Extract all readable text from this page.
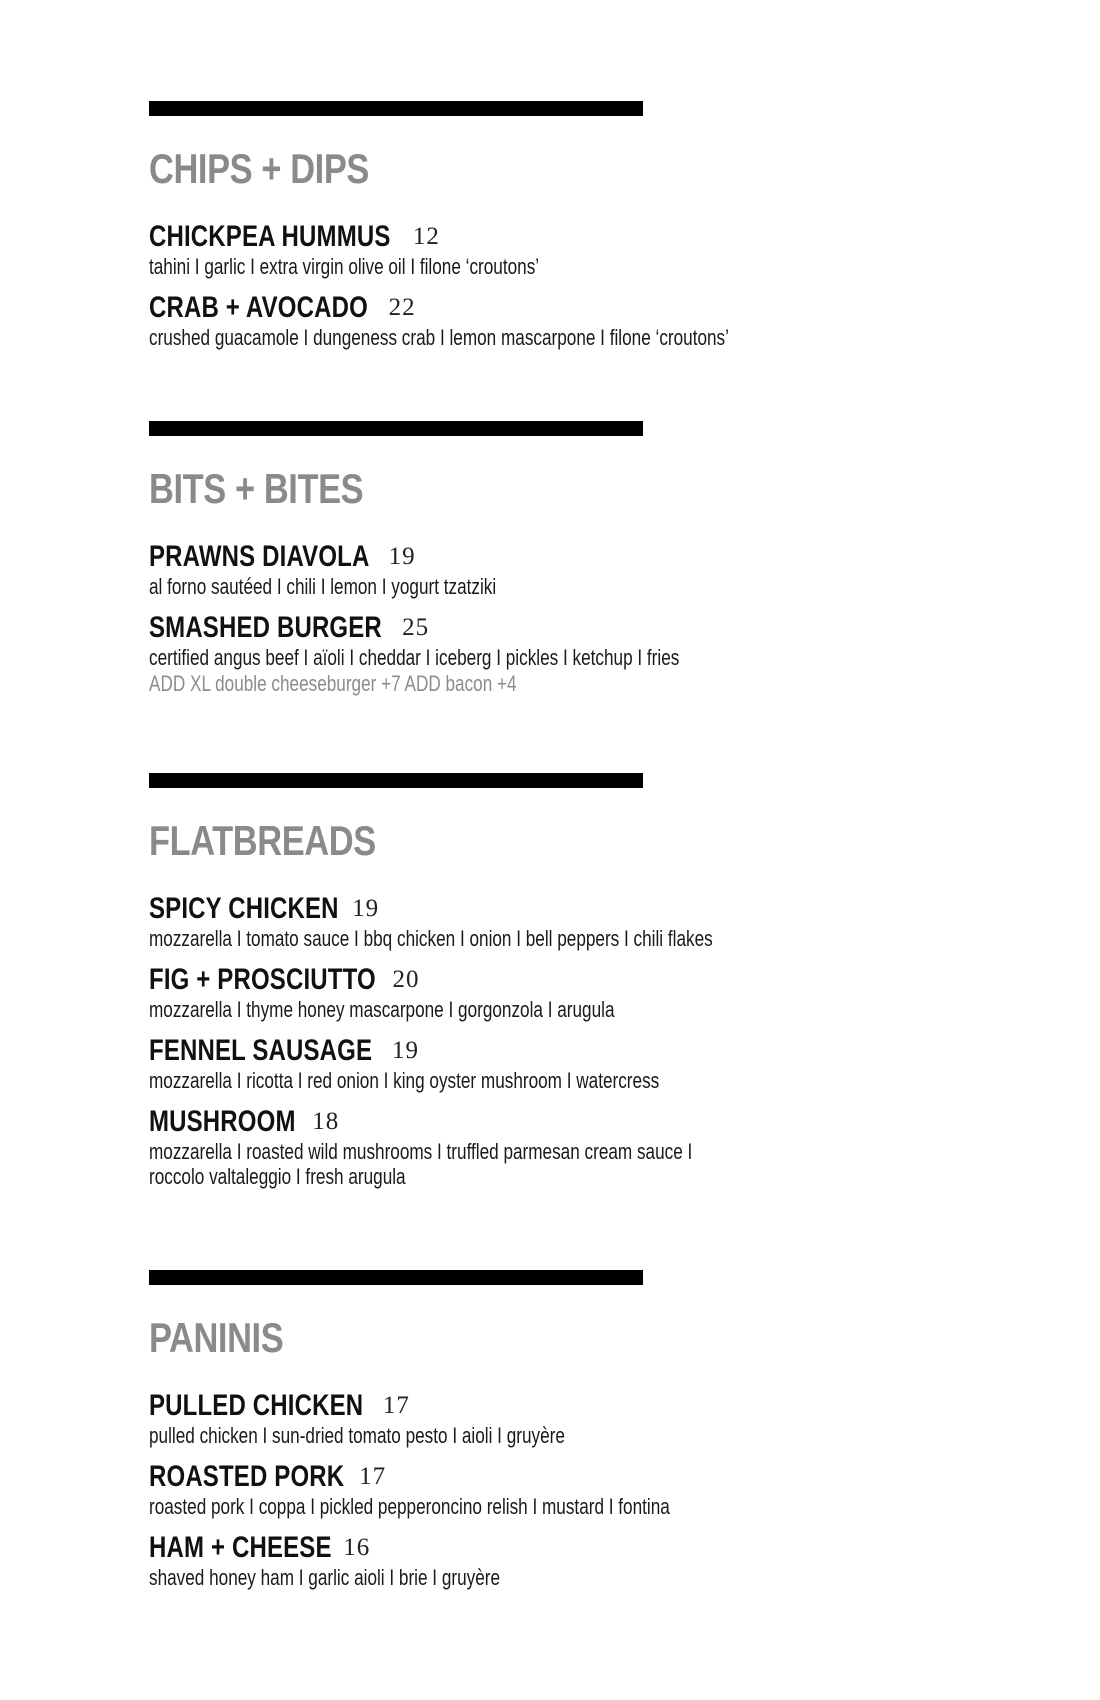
CHIPS + DIPS
CHICKPEA HUMMUS 12
tahini I garlic I extra virgin olive oil I filone ‘croutons’
CRAB + AVOCADO 22
crushed guacamole I dungeness crab I lemon mascarpone I filone ‘croutons’
BITS + BITES
PRAWNS DIAVOLA 19
al forno sautéed I chili I lemon I yogurt tzatziki
SMASHED BURGER 25
certified angus beef I aïoli I cheddar I iceberg I pickles I ketchup I fries
ADD XL double cheeseburger +7 ADD bacon +4
FLATBREADS
SPICY CHICKEN 19
mozzarella I tomato sauce I bbq chicken I onion I bell peppers I chili flakes
FIG + PROSCIUTTO 20
mozzarella I thyme honey mascarpone I gorgonzola I arugula
FENNEL SAUSAGE 19
mozzarella I ricotta I red onion I king oyster mushroom I watercress
MUSHROOM 18
mozzarella I roasted wild mushrooms I truffled parmesan cream sauce I
roccolo valtaleggio I fresh arugula
PANINIS
PULLED CHICKEN 17
pulled chicken I sun-dried tomato pesto I aioli I gruyère
ROASTED PORK 17
roasted pork I coppa I pickled pepperoncino relish I mustard I fontina
HAM + CHEESE 16
shaved honey ham I garlic aioli I brie I gruyère
